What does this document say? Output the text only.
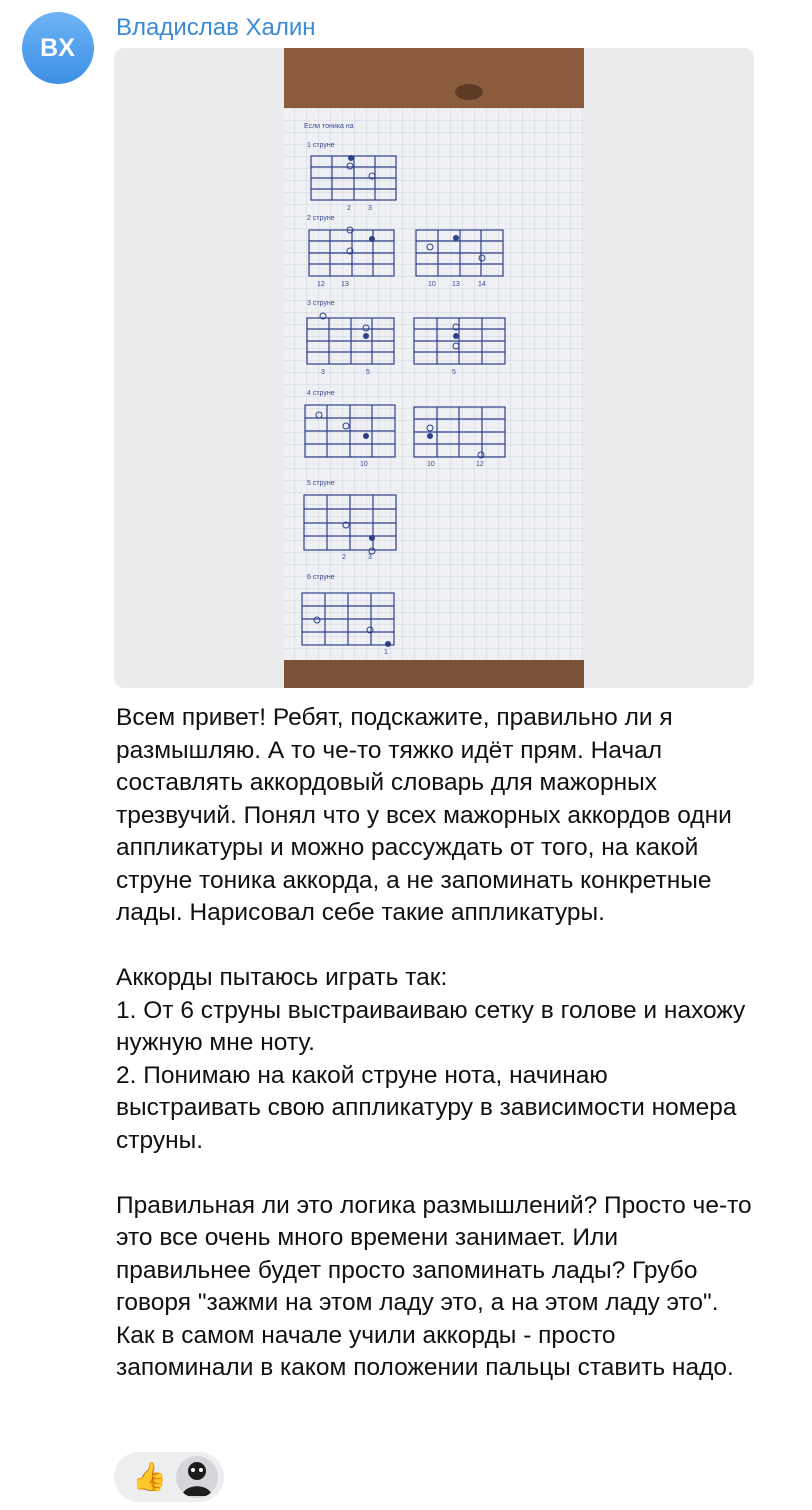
ВХ
Владислав Халин
Если тоника на
1 струне
2 струне
3 струне
4 струне
5 струне
6 струне
2 3
12 13	10 13	14
3	5	5
10	10	12
2	3
1

Всем привет! Ребят, подскажите, правильно ли я размышляю. А то че-то тяжко идёт прям. Начал составлять аккордовый словарь для мажорных трезвучий. Понял что у всех мажорных аккордов одни аппликатуры и можно рассуждать от того, на какой струне тоника аккорда, а не запоминать конкретные лады. Нарисовал себе такие аппликатуры.

Аккорды пытаюсь играть так:
1. От 6 струны выстраиваиваю сетку в голове и нахожу нужную мне ноту.
2. Понимаю на какой струне нота, начинаю выстраивать свою аппликатуру в зависимости номера струны.

Правильная ли это логика размышлений? Просто че-то это все очень много времени занимает. Или правильнее будет просто запоминать лады? Грубо говоря "зажми на этом ладу это, а на этом ладу это". Как в самом начале учили аккорды - просто запоминали в каком положении пальцы ставить надо.

👍
